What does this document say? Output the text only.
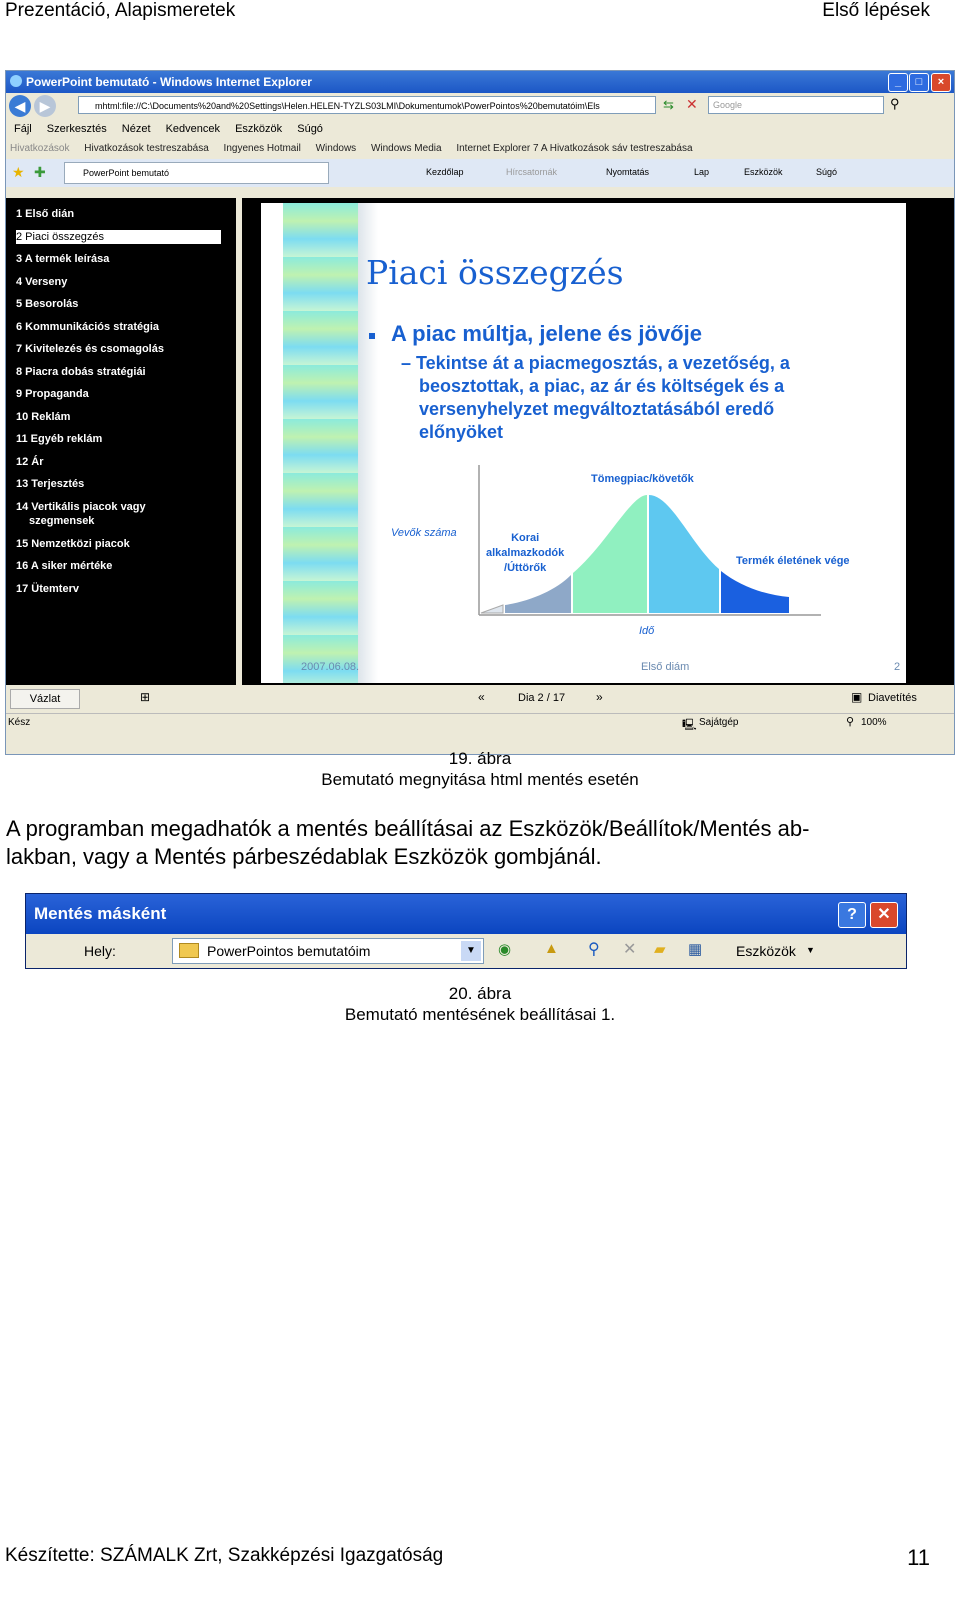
Prezentáció, Alapismeretek	Első lépések
PowerPoint bemutató - Windows Internet Explorer	_	□	×
◀	▶	mhtml:file://C:\Documents%20and%20Settings\Helen.HELEN-TYZLS03LMI\Dokumentumok\PowerPointos%20bemutatóim\Els	⇆ ✕	Google	⚲
Fájl Szerkesztés Nézet Kedvencek Eszközök Súgó
Hivatkozások Hivatkozások testreszabása Ingyenes Hotmail Windows Windows Media Internet Explorer 7 A Hivatkozások sáv testreszabása
★ ✚	PowerPoint bemutató	Kezdőlap	Hírcsatornák	Nyomtatás	Lap	Eszközök	Súgó
1 Első dián
2 Piaci összegzés
3 A termék leírása
4 Verseny
5 Besorolás
6 Kommunikációs stratégia
7 Kivitelezés és csomagolás
8 Piacra dobás stratégiái
9 Propaganda
10 Reklám
11 Egyéb reklám
12 Ár
13 Terjesztés
14 Vertikális piacok vagy
szegmensek
15 Nemzetközi piacok
16 A siker mértéke
17 Ütemterv
Piaci összegzés
A piac múltja, jelene és jövője
– Tekintse át a piacmegosztás, a vezetőség, a
beosztottak, a piac, az ár és költségek és a
versenyhelyzet megváltoztatásából eredő
előnyöket
Tömegpiac/követők
Vevők száma	Korai
alkalmazkodók
/Úttörők
Termék életének vége
Idő
2007.06.08.	Első diám	2
Vázlat	⊞	«	Dia 2 / 17	»	▣ Diavetítés
Kész	🖳 Sajátgép	⚲ 100%
19. ábra
Bemutató megnyitása html mentés esetén
A programban megadhatók a mentés beállításai az Eszközök/Beállítok/Mentés ab-
lakban, vagy a Mentés párbeszédablak Eszközök gombjánál.
Mentés másként	?	✕
Hely:	PowerPointos bemutatóim	▼	◉ ▲ ⚲ ✕ ▰ ▦ Eszközök ▼
20. ábra
Bemutató mentésének beállításai 1.
Készítette: SZÁMALK Zrt, Szakképzési Igazgatóság	11
